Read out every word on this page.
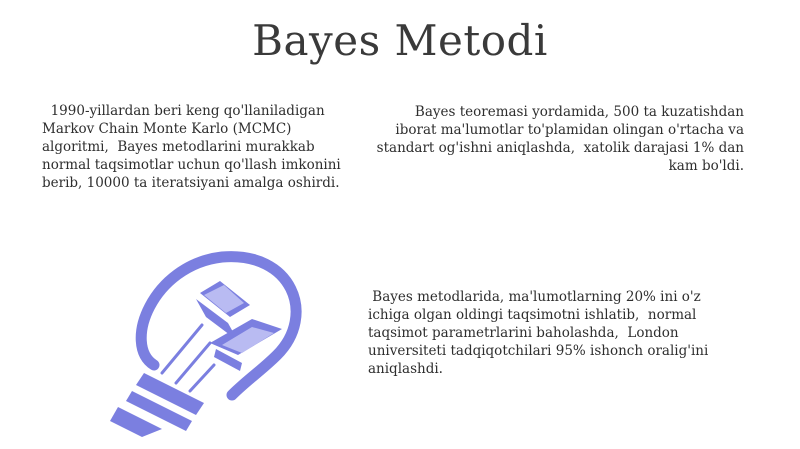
Bayes Metodi
1990-yillardan beri keng qo'llaniladigan Markov Chain Monte Karlo (MCMC) algoritmi,  Bayes metodlarini murakkab normal taqsimotlar uchun qo'llash imkonini berib, 10000 ta iteratsiyani amalga oshirdi.
Bayes teoremasi yordamida, 500 ta kuzatishdan iborat ma'lumotlar to'plamidan olingan o'rtacha va standart og'ishni aniqlashda,  xatolik darajasi 1% dan kam bo'ldi.
Bayes metodlarida, ma'lumotlarning 20% ini o'z ichiga olgan oldingi taqsimotni ishlatib,  normal taqsimot parametrlarini baholashda,  London universiteti tadqiqotchilari 95% ishonch oralig'ini aniqlashdi.
